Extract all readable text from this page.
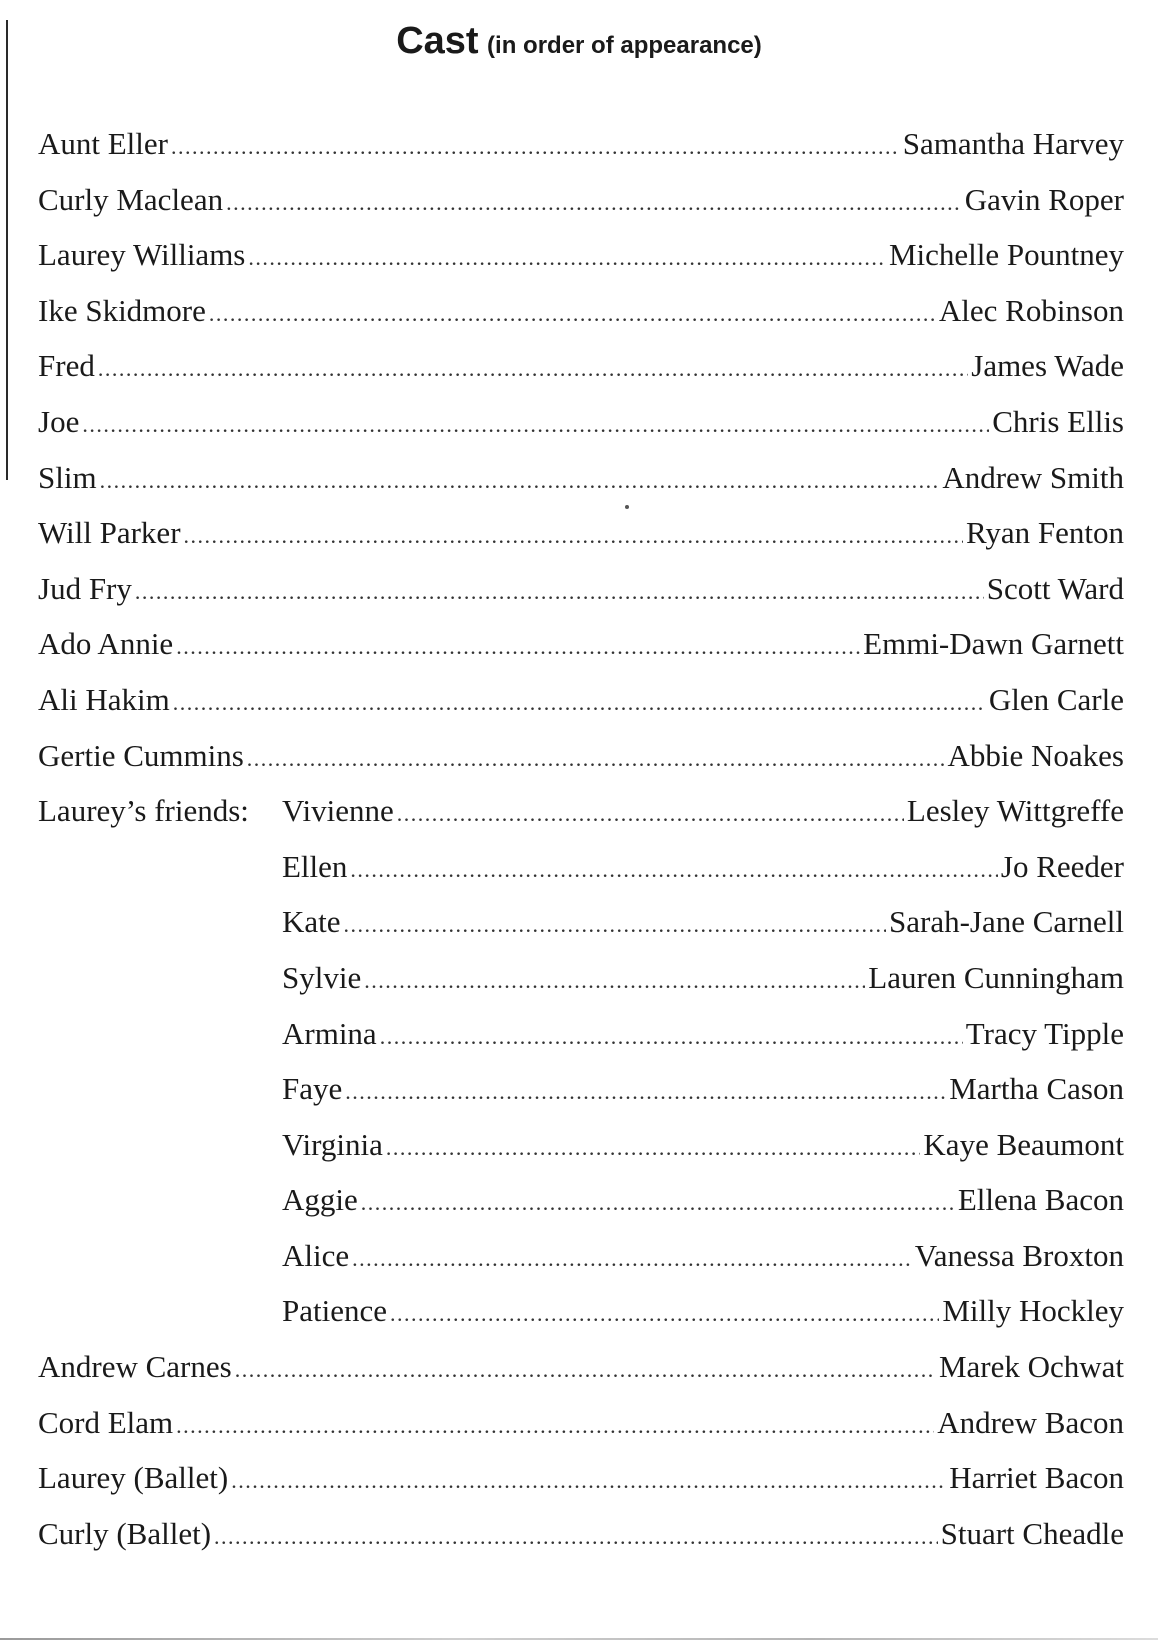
Cast (in order of appearance)
Aunt Eller .....	Samantha Harvey
Curly Maclean .....	Gavin Roper
Laurey Williams .....	Michelle Pountney
Ike Skidmore .....	Alec Robinson
Fred .....	James Wade
Joe .....	Chris Ellis
Slim .....	Andrew Smith
Will Parker .....	Ryan Fenton
Jud Fry .....	Scott Ward
Ado Annie .....	Emmi-Dawn Garnett
Ali Hakim .....	Glen Carle
Gertie Cummins .....	Abbie Noakes
Laurey’s friends:	Vivienne .....	Lesley Wittgreffe
Ellen .....	Jo Reeder
Kate .....	Sarah-Jane Carnell
Sylvie .....	Lauren Cunningham
Armina .....	Tracy Tipple
Faye .....	Martha Cason
Virginia .....	Kaye Beaumont
Aggie .....	Ellena Bacon
Alice .....	Vanessa Broxton
Patience .....	Milly Hockley
Andrew Carnes .....	Marek Ochwat
Cord Elam .....	Andrew Bacon
Laurey (Ballet) .....	Harriet Bacon
Curly (Ballet) .....	Stuart Cheadle
